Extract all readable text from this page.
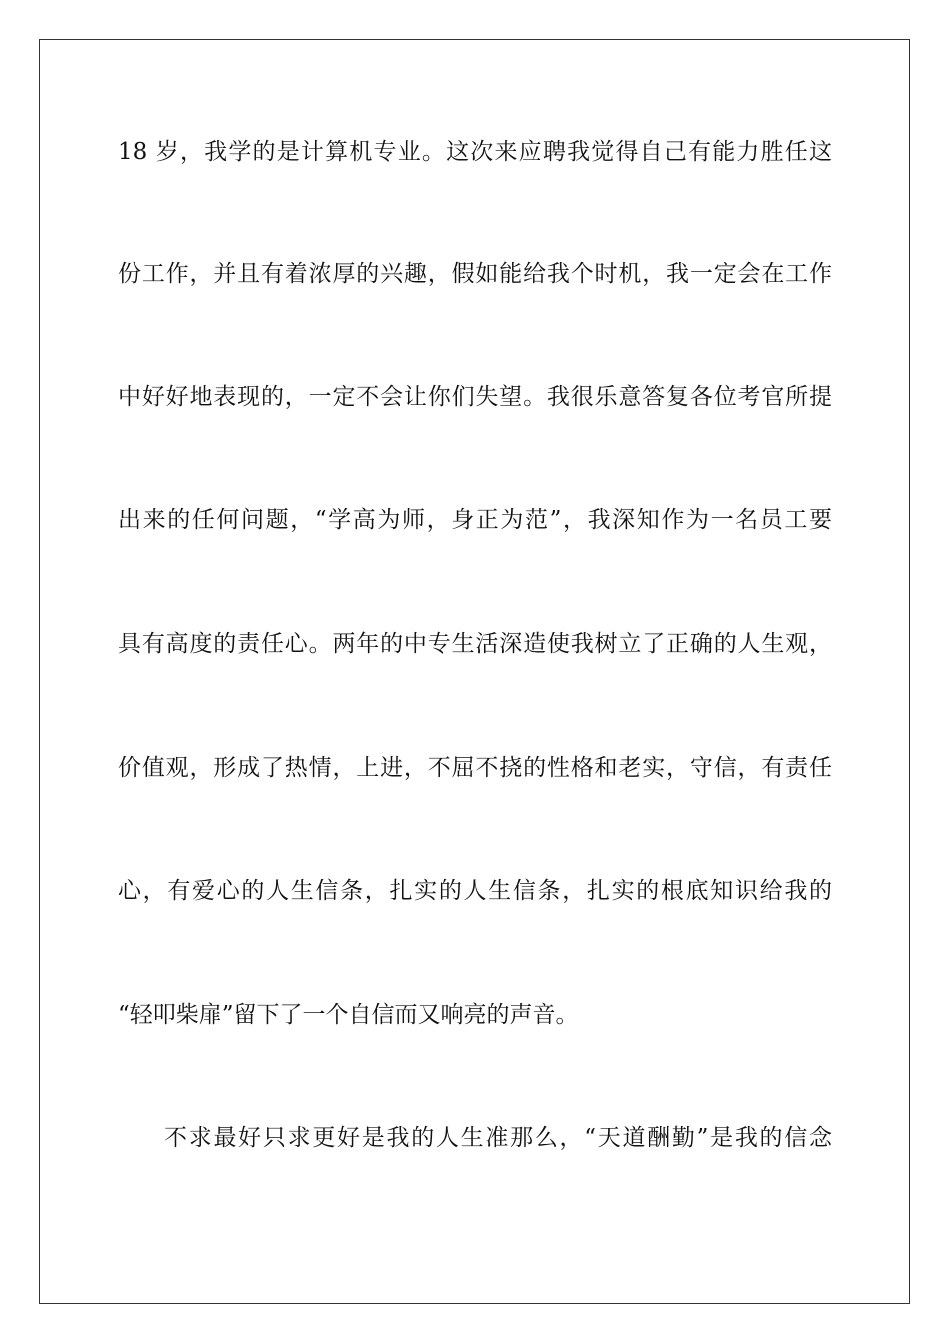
18 岁，我学的是计算机专业。这次来应聘我觉得自己有能力胜任这
份工作，并且有着浓厚的兴趣，假如能给我个时机，我一定会在工作
中好好地表现的，一定不会让你们失望。我很乐意答复各位考官所提
出来的任何问题，“学高为师，身正为范”，我深知作为一名员工要
具有高度的责任心。两年的中专生活深造使我树立了正确的人生观，
价值观，形成了热情，上进，不屈不挠的性格和老实，守信，有责任
心，有爱心的人生信条，扎实的人生信条，扎实的根底知识给我的
“轻叩柴扉”留下了一个自信而又响亮的声音。
不求最好只求更好是我的人生准那么，“天道酬勤”是我的信念
